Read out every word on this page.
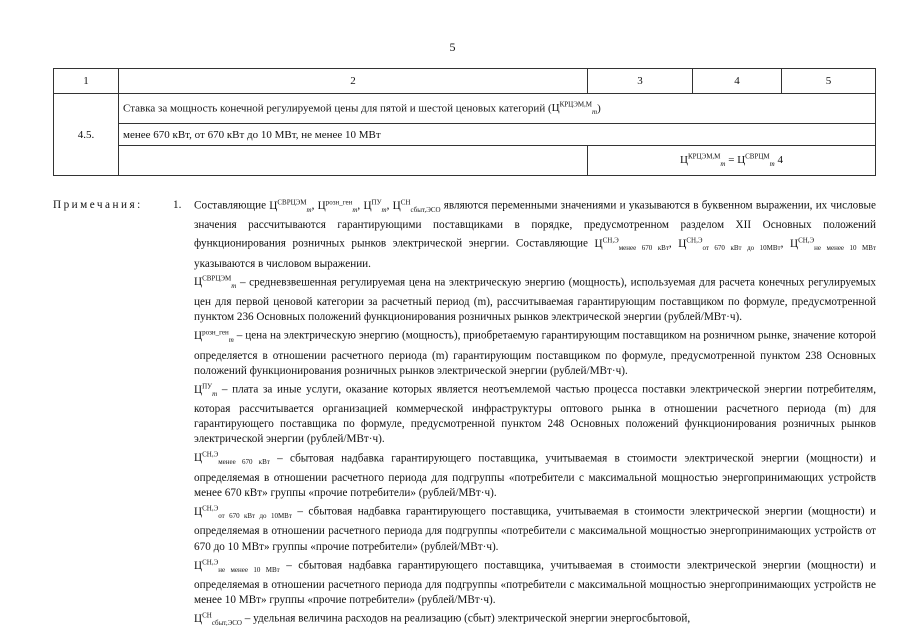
5
1	2	3	4	5
4.5.	Ставка за мощность конечной регулируемой цены для пятой и шестой ценовых категорий $(Ц^{КРЦЭМ,М}_m)$			
	менее 670 кВт, от 670 кВт до 10 МВт, не менее 10 МВт			
		$Ц^{КРЦЭМ,М}_m = Ц^{СВРЦМ}_m$ 4		
Примечания:	1. Составляющие $Ц^{СВРЦЭМ}_m$, $Ц^{розн\_ген}_m$, $Ц^{ПУ}_m$, $Ц^{СН}_{сбыт,ЭСО}$ являются переменными значениями и указываются в буквенном выражении, их числовые значения рассчитываются гарантирующими поставщиками в порядке, предусмотренном разделом XII Основных положений функционирования розничных рынков электрической энергии. Составляющие $Ц^{СН,Э}_{менее 670 кВт}$, $Ц^{СН,Э}_{от 670 кВт до 10МВт}$, $Ц^{СН,Э}_{не менее 10 МВт}$ указываются в числовом выражении.

$Ц^{СВРЦЭМ}_m$ – средневзвешенная регулируемая цена на электрическую энергию (мощность), используемая для расчета конечных регулируемых цен для первой ценовой категории за расчетный период (m), рассчитываемая гарантирующим поставщиком по формуле, предусмотренной пунктом 236 Основных положений функционирования розничных рынков электрической энергии (рублей/МВт·ч).

$Ц^{розн\_ген}_m$ – цена на электрическую энергию (мощность), приобретаемую гарантирующим поставщиком на розничном рынке, значение которой определяется в отношении расчетного периода (m) гарантирующим поставщиком по формуле, предусмотренной пунктом 238 Основных положений функционирования розничных рынков электрической энергии (рублей/МВт·ч).

$Ц^{ПУ}_m$ – плата за иные услуги, оказание которых является неотъемлемой частью процесса поставки электрической энергии потребителям, которая рассчитывается организацией коммерческой инфраструктуры оптового рынка в отношении расчетного периода (m) для гарантирующего поставщика по формуле, предусмотренной пунктом 248 Основных положений функционирования розничных рынков электрической энергии (рублей/МВт·ч).

$Ц^{СН,Э}_{менее 670 кВт}$ – сбытовая надбавка гарантирующего поставщика, учитываемая в стоимости электрической энергии (мощности) и определяемая в отношении расчетного периода для подгруппы «потребители с максимальной мощностью энергопринимающих устройств менее 670 кВт» группы «прочие потребители» (рублей/МВт·ч).

$Ц^{СН,Э}_{от 670 кВт до 10МВт}$ – сбытовая надбавка гарантирующего поставщика, учитываемая в стоимости электрической энергии (мощности) и определяемая в отношении расчетного периода для подгруппы «потребители с максимальной мощностью энергопринимающих устройств от 670 до 10 МВт» группы «прочие потребители» (рублей/МВт·ч).

$Ц^{СН,Э}_{не менее 10 МВт}$ – сбытовая надбавка гарантирующего поставщика, учитываемая в стоимости электрической энергии (мощности) и определяемая в отношении расчетного периода для подгруппы «потребители с максимальной мощностью энергопринимающих устройств не менее 10 МВт» группы «прочие потребители» (рублей/МВт·ч).

$Ц^{СН}_{сбыт,ЭСО}$ – удельная величина расходов на реализацию (сбыт) электрической энергии энергосбытовой,
